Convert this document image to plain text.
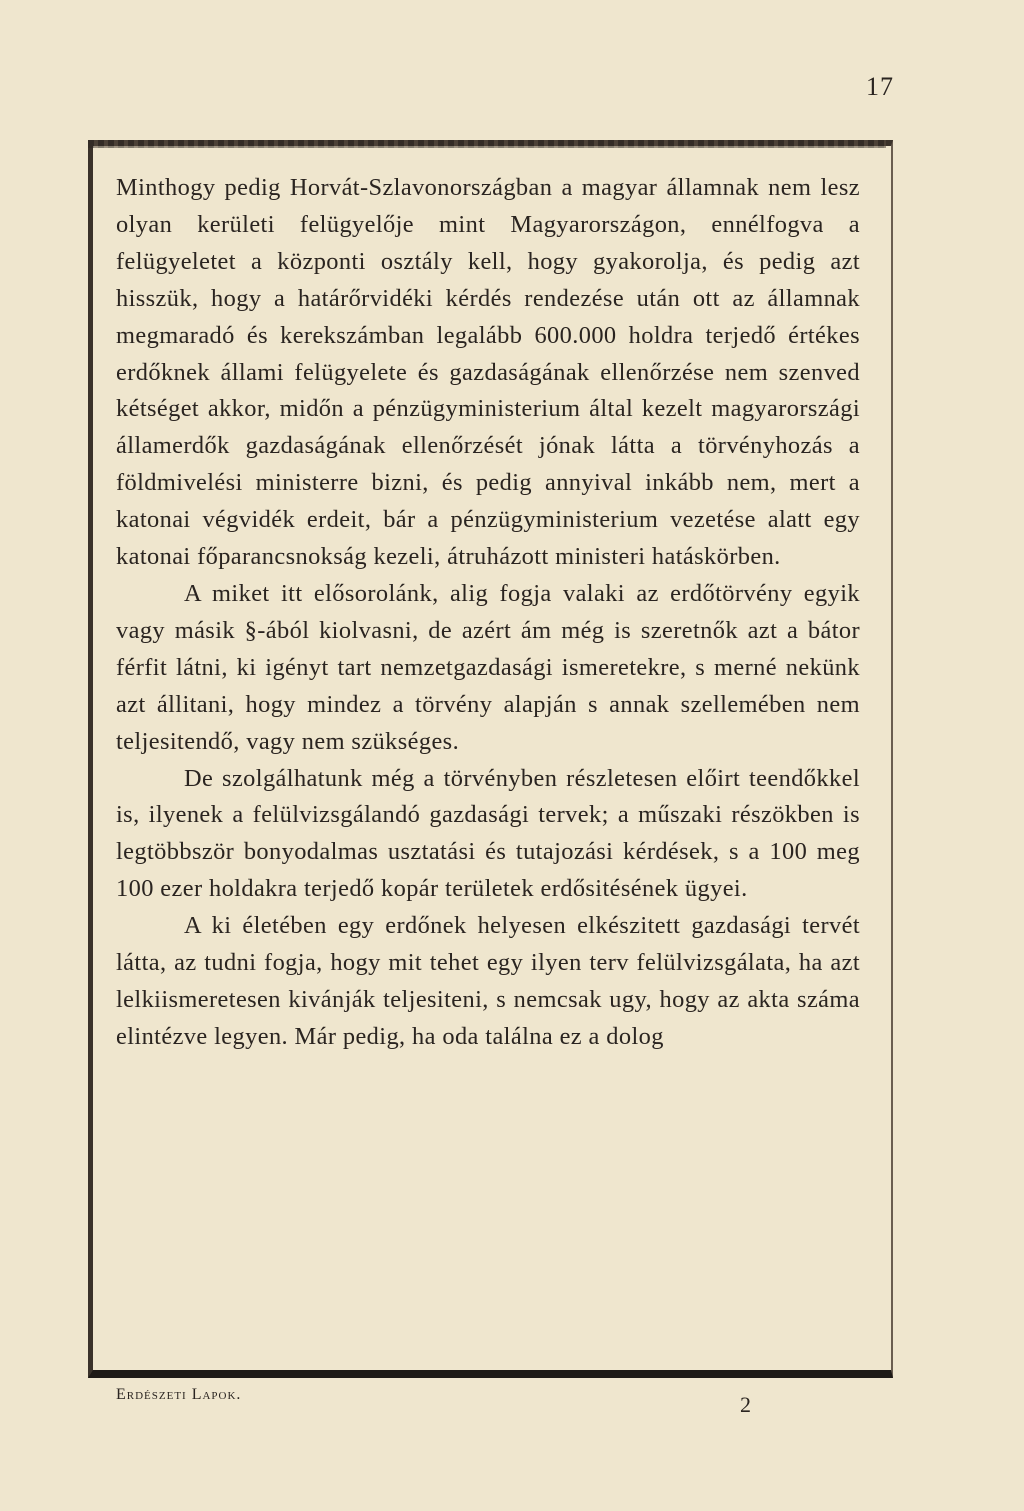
17

Minthogy pedig Horvát-Szlavonországban a magyar államnak nem lesz olyan kerületi felügyelője mint Magyarországon, ennélfogva a felügyeletet a központi osztály kell, hogy gyakorolja, és pedig azt hisszük, hogy a határőrvidéki kérdés rendezése után ott az államnak megmaradó és kerekszámban legalább 600.000 holdra terjedő értékes erdőknek állami felügyelete és gazdaságának ellenőrzése nem szenved kétséget akkor, midőn a pénzügyministerium által kezelt magyarországi államerdők gazdaságának ellenőrzését jónak látta a törvényhozás a földmivelési ministerre bizni, és pedig annyival inkább nem, mert a katonai végvidék erdeit, bár a pénzügyministerium vezetése alatt egy katonai főparancsnokság kezeli, átruházott ministeri hatáskörben.

A miket itt elősorolánk, alig fogja valaki az erdőtörvény egyik vagy másik §-ából kiolvasni, de azért ám még is szeretnők azt a bátor férfit látni, ki igényt tart nemzetgazdasági ismeretekre, s merné nekünk azt állitani, hogy mindez a törvény alapján s annak szellemében nem teljesitendő, vagy nem szükséges.

De szolgálhatunk még a törvényben részletesen előirt teendőkkel is, ilyenek a felülvizsgálandó gazdasági tervek; a műszaki részökben is legtöbbször bonyodalmas usztatási és tutajozási kérdések, s a 100 meg 100 ezer holdakra terjedő kopár területek erdősitésének ügyei.

A ki életében egy erdőnek helyesen elkészitett gazdasági tervét látta, az tudni fogja, hogy mit tehet egy ilyen terv felülvizsgálata, ha azt lelkiismeretesen kivánják teljesiteni, s nemcsak ugy, hogy az akta száma elintézve legyen. Már pedig, ha oda találna ez a dolog

Erdészeti Lapok.	2
